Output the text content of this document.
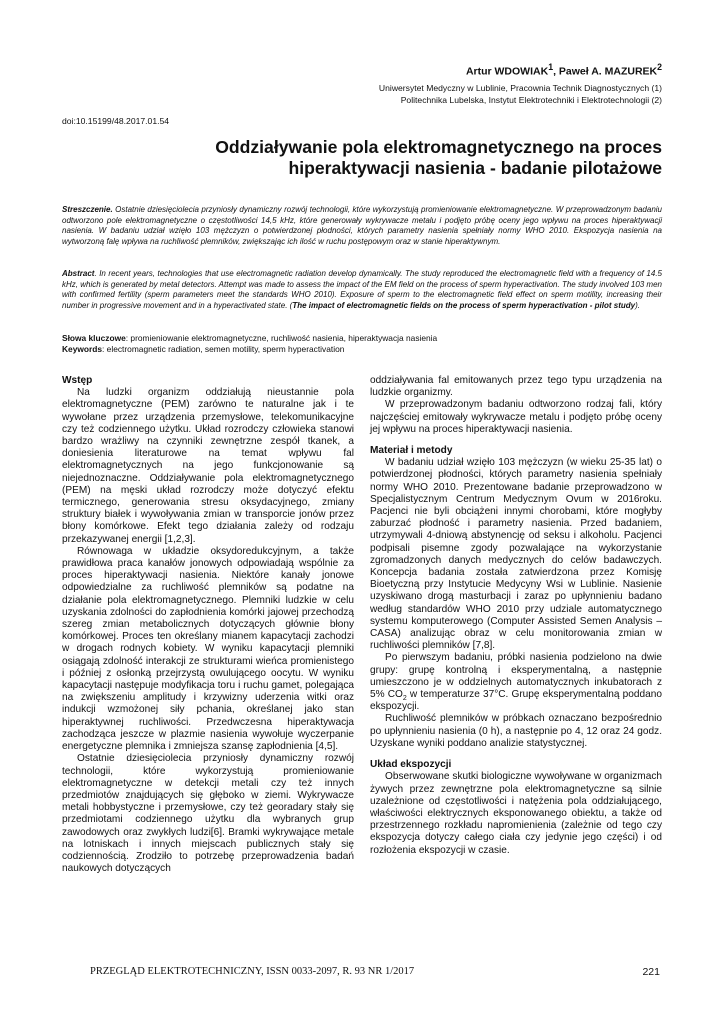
Artur WDOWIAK$^1$, Paweł A. MAZUREK$^2$
Uniwersytet Medyczny w Lublinie, Pracownia Technik Diagnostycznych (1)
Politechnika Lubelska, Instytut Elektrotechniki i Elektrotechnologii (2)
doi:10.15199/48.2017.01.54
Oddziaływanie pola elektromagnetycznego na proces
hiperaktywacji nasienia - badanie pilotażowe
Streszczenie. Ostatnie dziesięciolecia przyniosły dynamiczny rozwój technologii, które wykorzystują promieniowanie elektromagnetyczne. W przeprowadzonym badaniu odtworzono pole elektromagnetyczne o częstotliwości 14,5 kHz, które generowały wykrywacze metalu i podjęto próbę oceny jego wpływu na proces hiperaktywacji nasienia. W badaniu udział wzięło 103 mężczyzn o potwierdzonej płodności, których parametry nasienia spełniały normy WHO 2010. Ekspozycja nasienia na wytworzoną falę wpływa na ruchliwość plemników, zwiększając ich ilość w ruchu postępowym oraz w stanie hiperaktywnym.
Abstract. In recent years, technologies that use electromagnetic radiation develop dynamically. The study reproduced the electromagnetic field with a frequency of 14.5 kHz, which is generated by metal detectors. Attempt was made to assess the impact of the EM field on the process of sperm hyperactivation. The study involved 103 men with confirmed fertility (sperm parameters meet the standards WHO 2010). Exposure of sperm to the electromagnetic field effect on sperm motility, increasing their number in progressive movement and in a hyperactivated state. (The impact of electromagnetic fields on the process of sperm hyperactivation - pilot study).
Słowa kluczowe: promieniowanie elektromagnetyczne, ruchliwość nasienia, hiperaktywacja nasienia
Keywords: electromagnetic radiation, semen motility, sperm hyperactivation
Wstęp

Na ludzki organizm oddziałują nieustannie pola elektromagnetyczne (PEM) zarówno te naturalne jak i te wywołane przez urządzenia przemysłowe, telekomunikacyjne czy też codziennego użytku. Układ rozrodczy człowieka stanowi bardzo wrażliwy na czynniki zewnętrzne zespół tkanek, a doniesienia literaturowe na temat wpływu fal elektromagnetycznych na jego funkcjonowanie są niejednoznaczne. Oddziaływanie pola elektromagnetycznego (PEM) na męski układ rozrodczy może dotyczyć efektu termicznego, generowania stresu oksydacyjnego, zmiany struktury białek i wywoływania zmian w transporcie jonów przez błony komórkowe. Efekt tego działania zależy od rodzaju przekazywanej energii [1,2,3].

Równowaga w układzie oksydoredukcyjnym, a także prawidłowa praca kanałów jonowych odpowiadają wspólnie za proces hiperaktywacji nasienia. Niektóre kanały jonowe odpowiedzialne za ruchliwość plemników są podatne na działanie pola elektromagnetycznego. Plemniki ludzkie w celu uzyskania zdolności do zapłodnienia komórki jajowej przechodzą szereg zmian metabolicznych dotyczących głównie błony komórkowej. Proces ten określany mianem kapacytacji zachodzi w drogach rodnych kobiety. W wyniku kapacytacji plemniki osiągają zdolność interakcji ze strukturami wieńca promienistego i później z osłonką przejrzystą owulującego oocytu. W wyniku kapacytacji następuje modyfikacja toru i ruchu gamet, polegająca na zwiększeniu amplitudy i krzywizny uderzenia witki oraz indukcji wzmożonej siły pchania, określanej jako stan hiperaktywnej ruchliwości. Przedwczesna hiperaktywacja zachodząca jeszcze w plazmie nasienia wywołuje wyczerpanie energetyczne plemnika i zmniejsza szansę zapłodnienia [4,5].

Ostatnie dziesięciolecia przyniosły dynamiczny rozwój technologii, które wykorzystują promieniowanie elektromagnetyczne w detekcji metali czy też innych przedmiotów znajdujących się głęboko w ziemi. Wykrywacze metali hobbystyczne i przemysłowe, czy też georadary stały się przedmiotami codziennego użytku dla wybranych grup zawodowych oraz zwykłych ludzi[6]. Bramki wykrywające metale na lotniskach i innych miejscach publicznych stały się codziennością. Zrodziło to potrzebę przeprowadzenia badań naukowych dotyczących

oddziaływania fal emitowanych przez tego typu urządzenia na ludzkie organizmy.

W przeprowadzonym badaniu odtworzono rodzaj fali, który najczęściej emitowały wykrywacze metalu i podjęto próbę oceny jej wpływu na proces hiperaktywacji nasienia.

Materiał i metody

W badaniu udział wzięło 103 mężczyzn (w wieku 25-35 lat) o potwierdzonej płodności, których parametry nasienia spełniały normy WHO 2010. Prezentowane badanie przeprowadzono w Specjalistycznym Centrum Medycznym Ovum w 2016roku. Pacjenci nie byli obciążeni innymi chorobami, które mogłyby zaburzać płodność i parametry nasienia. Przed badaniem, utrzymywali 4-dniową abstynencję od seksu i alkoholu. Pacjenci podpisali pisemne zgody pozwalające na wykorzystanie zgromadzonych danych medycznych do celów badawczych. Koncepcja badania została zatwierdzona przez Komisję Bioetyczną przy Instytucie Medycyny Wsi w Lublinie. Nasienie uzyskiwano drogą masturbacji i zaraz po upłynnieniu badano według standardów WHO 2010 przy udziale automatycznego systemu komputerowego (Computer Assisted Semen Analysis – CASA) analizując obraz w celu monitorowania zmian w ruchliwości plemników [7,8].

Po pierwszym badaniu, próbki nasienia podzielono na dwie grupy: grupę kontrolną i eksperymentalną, a następnie umieszczono je w oddzielnych automatycznych inkubatorach z 5% $CO_2$ w temperaturze 37°C. Grupę eksperymentalną poddano ekspozycji.

Ruchliwość plemników w próbkach oznaczano bezpośrednio po upłynnieniu nasienia (0 h), a następnie po 4, 12 oraz 24 godz. Uzyskane wyniki poddano analizie statystycznej.

Układ ekspozycji

Obserwowane skutki biologiczne wywoływane w organizmach żywych przez zewnętrzne pola elektromagnetyczne są silnie uzależnione od częstotliwości i natężenia pola oddziałującego, właściwości elektrycznych eksponowanego obiektu, a także od przestrzennego rozkładu napromienienia (zależnie od tego czy ekspozycja dotyczy całego ciała czy jedynie jego części) i od rozłożenia ekspozycji w czasie.

PRZEGLĄD ELEKTROTECHNICZNY, ISSN 0033-2097, R. 93 NR 1/2017	221
